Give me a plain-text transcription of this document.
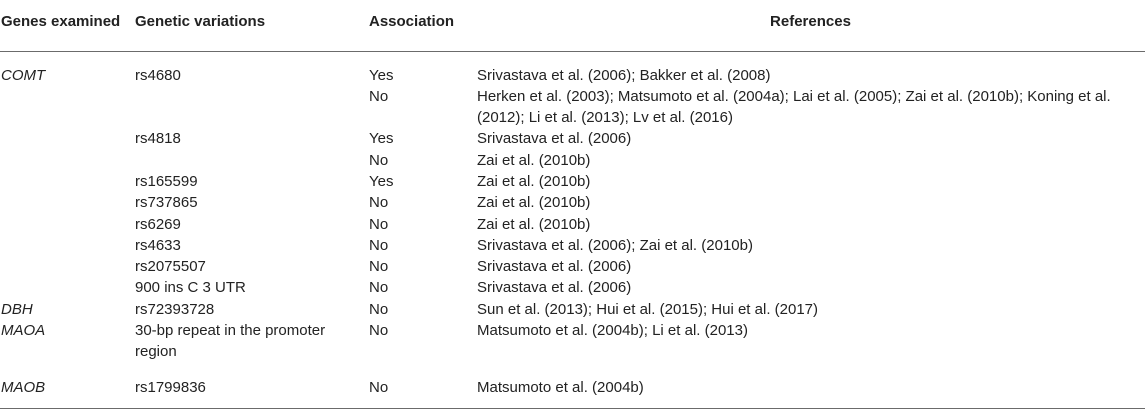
Genes examined	Genetic variations	Association	References
COMT	rs4680	Yes	Srivastava et al. (2006); Bakker et al. (2008)
		No	Herken et al. (2003); Matsumoto et al. (2004a); Lai et al. (2005); Zai et al. (2010b); Koning et al. (2012); Li et al. (2013); Lv et al. (2016)
	rs4818	Yes	Srivastava et al. (2006)
		No	Zai et al. (2010b)
	rs165599	Yes	Zai et al. (2010b)
	rs737865	No	Zai et al. (2010b)
	rs6269	No	Zai et al. (2010b)
	rs4633	No	Srivastava et al. (2006); Zai et al. (2010b)
	rs2075507	No	Srivastava et al. (2006)
	900 ins C 3 UTR	No	Srivastava et al. (2006)
DBH	rs72393728	No	Sun et al. (2013); Hui et al. (2015); Hui et al. (2017)
MAOA	30-bp repeat in the promoter region	No	Matsumoto et al. (2004b); Li et al. (2013)
MAOB	rs1799836	No	Matsumoto et al. (2004b)
